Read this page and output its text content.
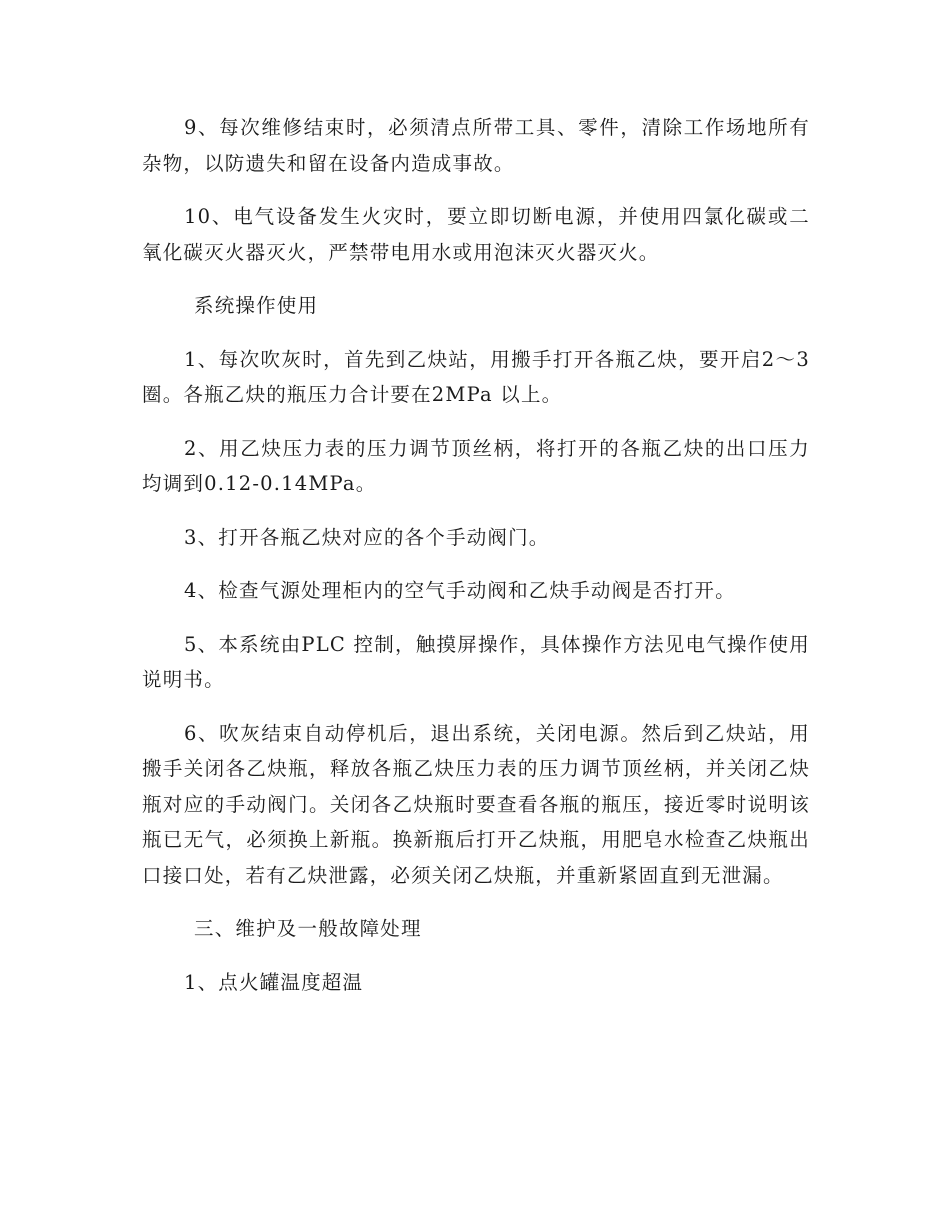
9、每次维修结束时，必须清点所带工具、零件，清除工作场地所有杂物，以防遗失和留在设备内造成事故。

10、电气设备发生火灾时，要立即切断电源，并使用四氯化碳或二氧化碳灭火器灭火，严禁带电用水或用泡沫灭火器灭火。

系统操作使用

1、每次吹灰时，首先到乙炔站，用搬手打开各瓶乙炔，要开启2～3 圈。各瓶乙炔的瓶压力合计要在2MPa 以上。

2、用乙炔压力表的压力调节顶丝柄，将打开的各瓶乙炔的出口压力均调到0.12-0.14MPa。

3、打开各瓶乙炔对应的各个手动阀门。

4、检查气源处理柜内的空气手动阀和乙炔手动阀是否打开。

5、本系统由PLC 控制，触摸屏操作，具体操作方法见电气操作使用说明书。

6、吹灰结束自动停机后，退出系统，关闭电源。然后到乙炔站，用搬手关闭各乙炔瓶，释放各瓶乙炔压力表的压力调节顶丝柄，并关闭乙炔瓶对应的手动阀门。关闭各乙炔瓶时要查看各瓶的瓶压，接近零时说明该瓶已无气，必须换上新瓶。换新瓶后打开乙炔瓶，用肥皂水检查乙炔瓶出口接口处，若有乙炔泄露，必须关闭乙炔瓶，并重新紧固直到无泄漏。

三、维护及一般故障处理

1、点火罐温度超温
